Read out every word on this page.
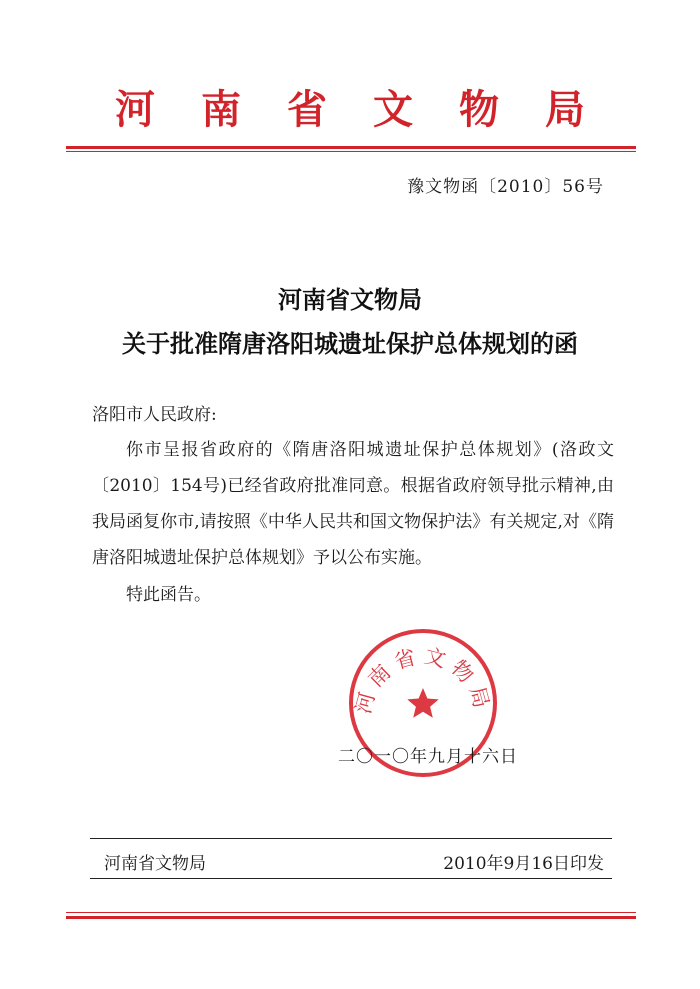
河南省文物局
豫文物函〔2010〕56号
河南省文物局
关于批准隋唐洛阳城遗址保护总体规划的函
洛阳市人民政府:
你市呈报省政府的《隋唐洛阳城遗址保护总体规划》(洛政文〔2010〕154号)已经省政府批准同意。根据省政府领导批示精神,由我局函复你市,请按照《中华人民共和国文物保护法》有关规定,对《隋唐洛阳城遗址保护总体规划》予以公布实施。
特此函告。
河南省文物局
二〇一〇年九月十六日
河南省文物局	2010年9月16日印发
